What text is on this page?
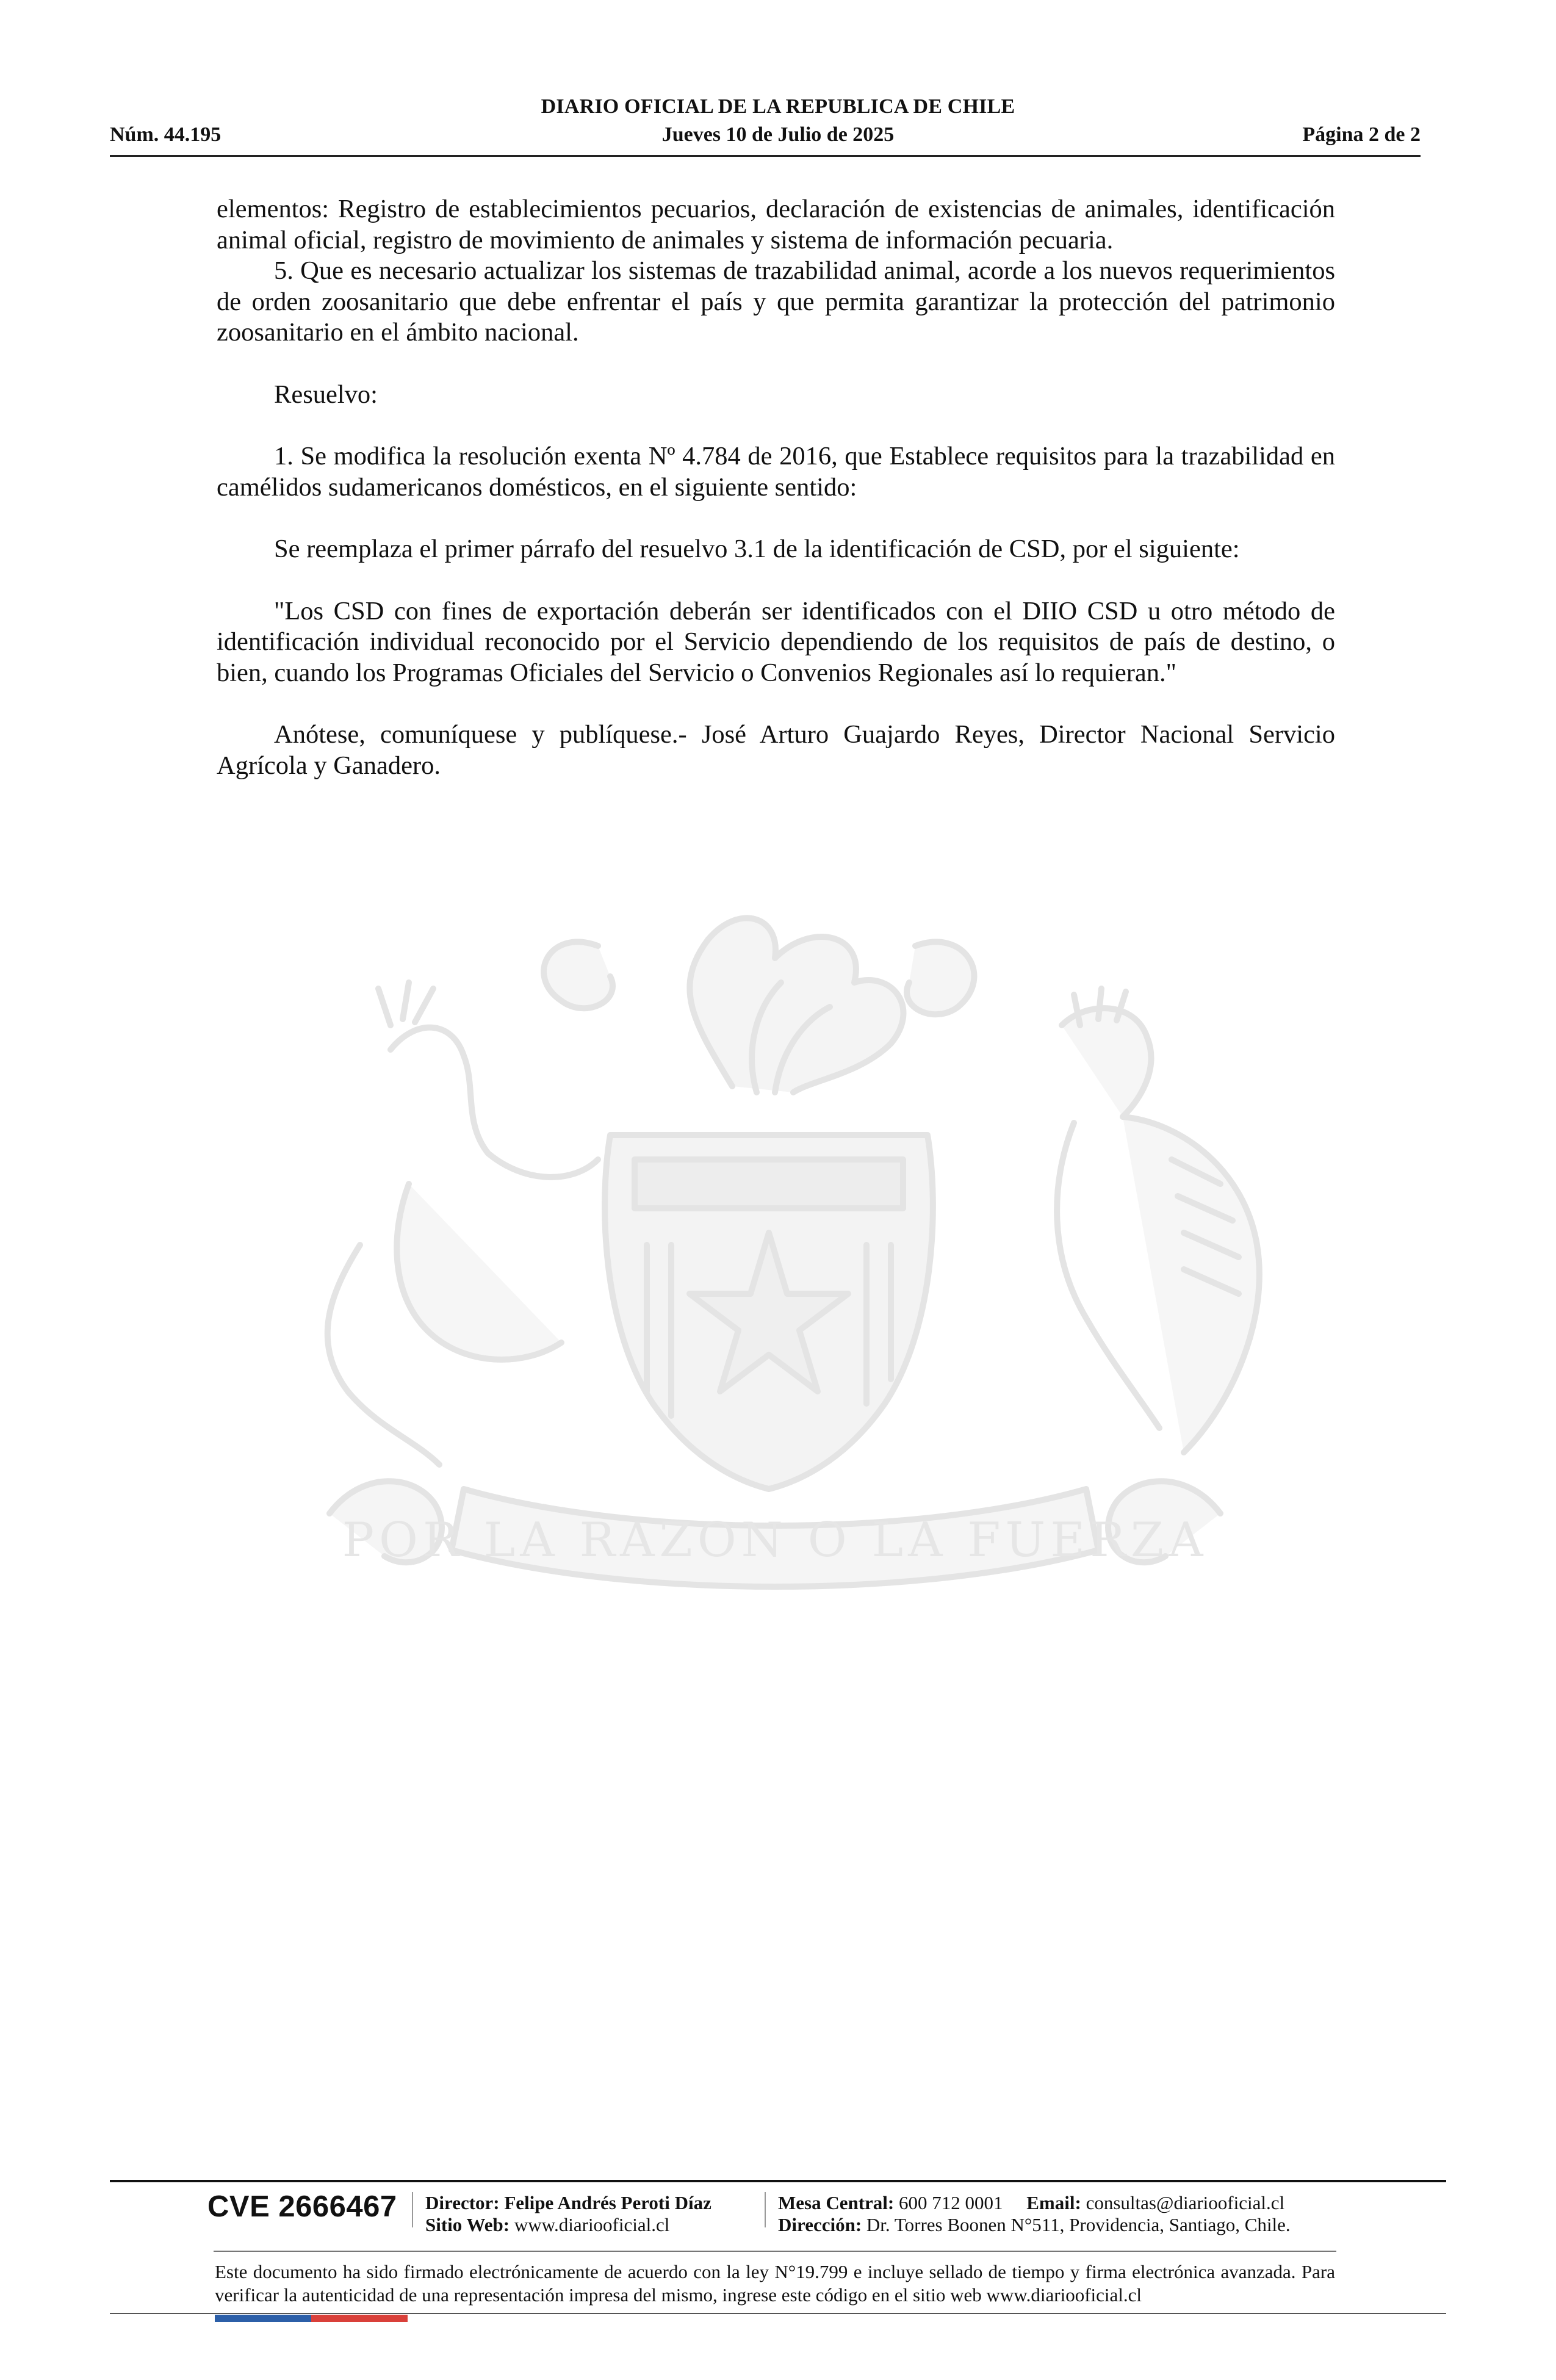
DIARIO OFICIAL DE LA REPUBLICA DE CHILE
Núm. 44.195	Jueves 10 de Julio de 2025	Página 2 de 2
POR LA RAZON O LA FUERZA

elementos: Registro de establecimientos pecuarios, declaración de existencias de animales, identificación animal oficial, registro de movimiento de animales y sistema de información pecuaria.

5. Que es necesario actualizar los sistemas de trazabilidad animal, acorde a los nuevos requerimientos de orden zoosanitario que debe enfrentar el país y que permita garantizar la protección del patrimonio zoosanitario en el ámbito nacional.

Resuelvo:

1. Se modifica la resolución exenta Nº 4.784 de 2016, que Establece requisitos para la trazabilidad en camélidos sudamericanos domésticos, en el siguiente sentido:

Se reemplaza el primer párrafo del resuelvo 3.1 de la identificación de CSD, por el siguiente:

"Los CSD con fines de exportación deberán ser identificados con el DIIO CSD u otro método de identificación individual reconocido por el Servicio dependiendo de los requisitos de país de destino, o bien, cuando los Programas Oficiales del Servicio o Convenios Regionales así lo requieran."

Anótese, comuníquese y publíquese.- José Arturo Guajardo Reyes, Director Nacional Servicio Agrícola y Ganadero.

CVE 2666467 Director: Felipe Andrés Peroti Díaz
Sitio Web: www.diariooficial.cl
Mesa Central: 600 712 0001 Email: consultas@diariooficial.cl
Dirección: Dr. Torres Boonen N°511, Providencia, Santiago, Chile.
Este documento ha sido firmado electrónicamente de acuerdo con la ley N°19.799 e incluye sellado de tiempo y firma electrónica avanzada. Para verificar la autenticidad de una representación impresa del mismo, ingrese este código en el sitio web www.diariooficial.cl
